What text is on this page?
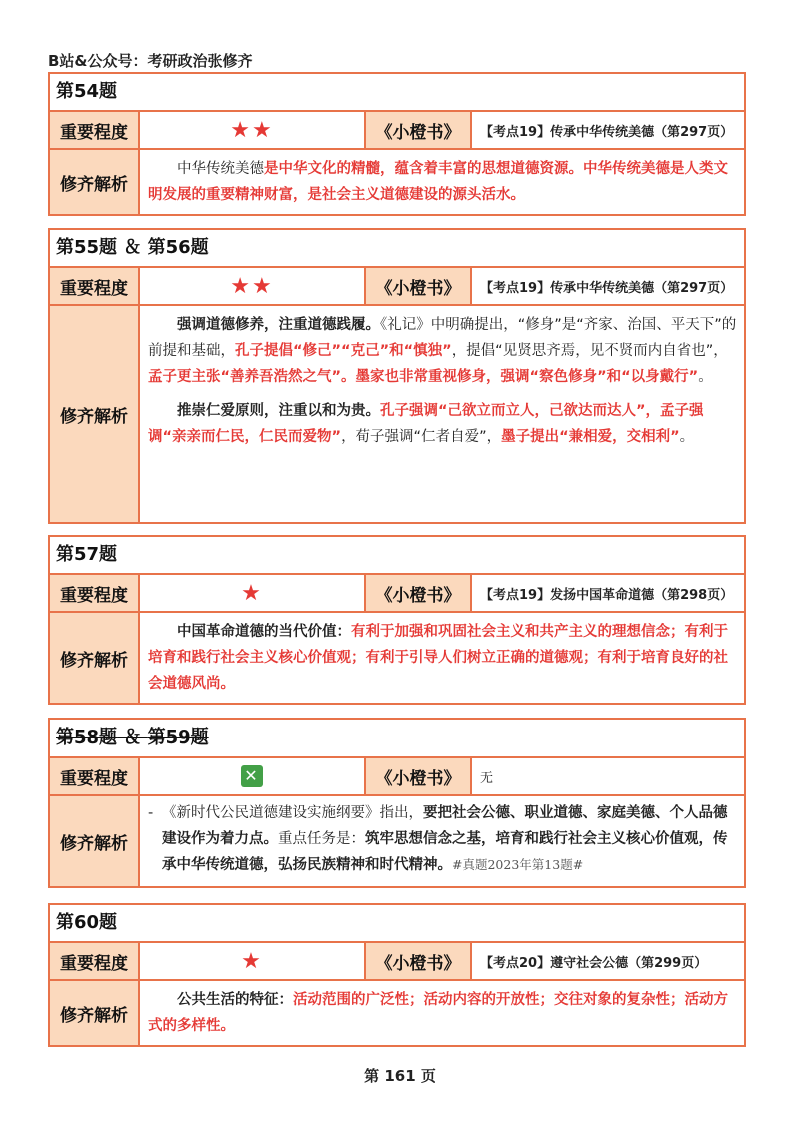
B站&公众号：考研政治张修齐
第54题
重要程度	★★	《小橙书》	【考点19】传承中华传统美德（第297页）
修齐解析

中华传统美德是中华文化的精髓，蕴含着丰富的思想道德资源。中华传统美德是人类文明发展的重要精神财富，是社会主义道德建设的源头活水。

第55题 ＆ 第56题
重要程度	★★	《小橙书》	【考点19】传承中华传统美德（第297页）
修齐解析

强调道德修养，注重道德践履。《礼记》中明确提出，“修身”是“齐家、治国、平天下”的前提和基础，孔子提倡“修己”“克己”和“慎独”，提倡“见贤思齐焉，见不贤而内自省也”，孟子更主张“善养吾浩然之气”。墨家也非常重视修身，强调“察色修身”和“以身戴行”。

推崇仁爱原则，注重以和为贵。孔子强调“己欲立而立人，己欲达而达人”，孟子强调“亲亲而仁民，仁民而爱物”，荀子强调“仁者自爱”，墨子提出“兼相爱，交相利”。

第57题
重要程度	★	《小橙书》	【考点19】发扬中国革命道德（第298页）
修齐解析

中国革命道德的当代价值：有利于加强和巩固社会主义和共产主义的理想信念；有利于培育和践行社会主义核心价值观；有利于引导人们树立正确的道德观；有利于培育良好的社会道德风尚。

第58题 ＆ 第59题
重要程度	✕	《小橙书》	无
修齐解析

- 《新时代公民道德建设实施纲要》指出，要把社会公德、职业道德、家庭美德、个人品德建设作为着力点。重点任务是：筑牢思想信念之基，培育和践行社会主义核心价值观，传承中华传统道德，弘扬民族精神和时代精神。#真题2023年第13题#

第60题
重要程度	★	《小橙书》	【考点20】遵守社会公德（第299页）
修齐解析

公共生活的特征：活动范围的广泛性；活动内容的开放性；交往对象的复杂性；活动方式的多样性。

第 161 页
